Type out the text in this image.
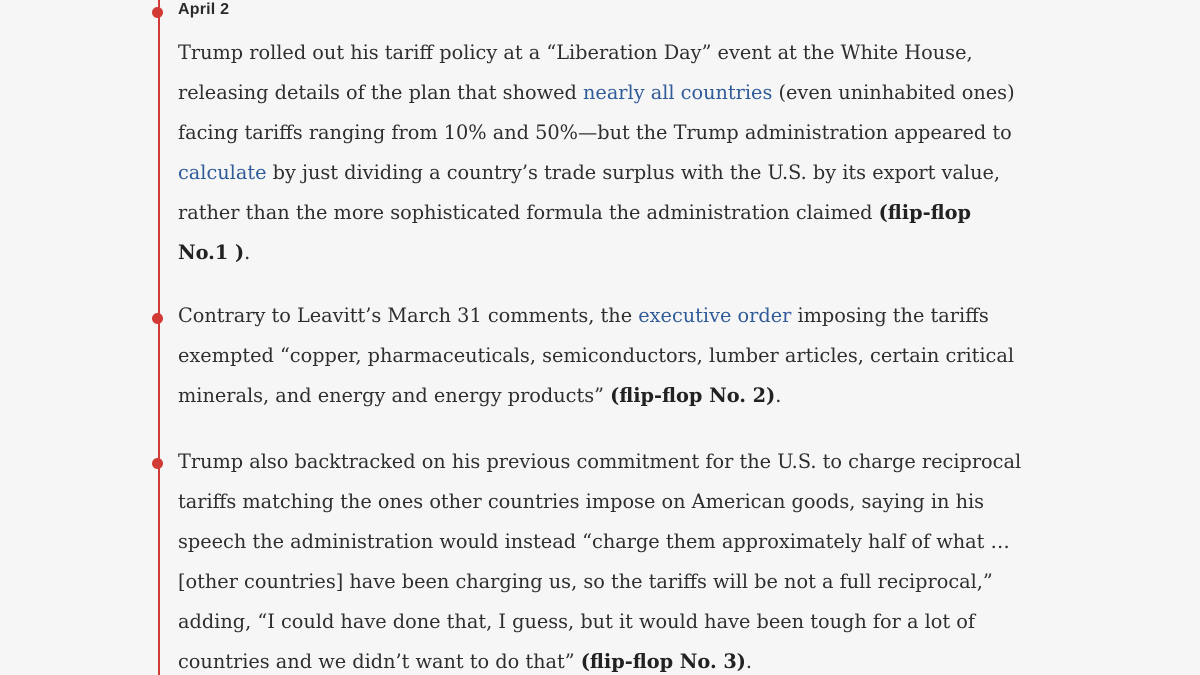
April 2

Trump rolled out his tariff policy at a “Liberation Day” event at the White House,
releasing details of the plan that showed nearly all countries (even uninhabited ones)
facing tariffs ranging from 10% and 50%—but the Trump administration appeared to
calculate by just dividing a country’s trade surplus with the U.S. by its export value,
rather than the more sophisticated formula the administration claimed (flip-flop
No.1 ).

Contrary to Leavitt’s March 31 comments, the executive order imposing the tariffs
exempted “copper, pharmaceuticals, semiconductors, lumber articles, certain critical
minerals, and energy and energy products” (flip-flop No. 2).

Trump also backtracked on his previous commitment for the U.S. to charge reciprocal
tariffs matching the ones other countries impose on American goods, saying in his
speech the administration would instead “charge them approximately half of what …
[other countries] have been charging us, so the tariffs will be not a full reciprocal,”
adding, “I could have done that, I guess, but it would have been tough for a lot of
countries and we didn’t want to do that” (flip-flop No. 3).
